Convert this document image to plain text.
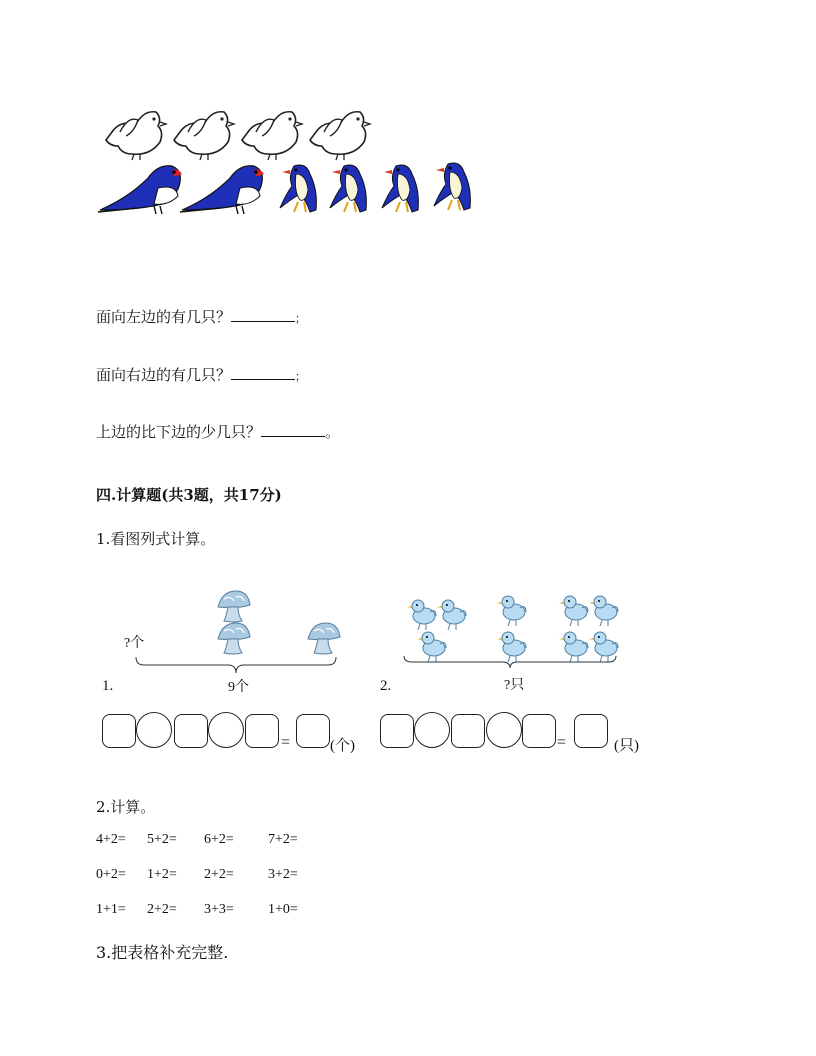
面向左边的有几只？	；
面向右边的有几只？	；
上边的比下边的少几只？	。
四.计算题(共3题，共17分)
1.看图列式计算。
?个
9个
1.	?只
2.
=	(个)	=	(只)
2.计算。
4+2= 5+2= 6+2= 7+2=
0+2= 1+2= 2+2= 3+2=
1+1= 2+2= 3+3= 1+0=
3.把表格补充完整.
